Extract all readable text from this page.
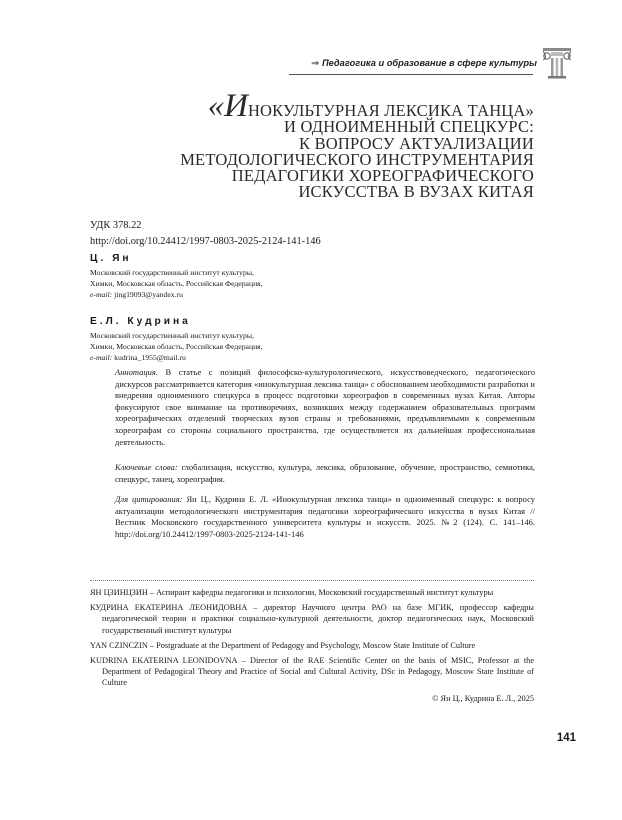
⇒ Педагогика и образование в сфере культуры
«ИНОКУЛЬТУРНАЯ ЛЕКСИКА ТАНЦА»
И ОДНОИМЕННЫЙ СПЕЦКУРС:
К ВОПРОСУ АКТУАЛИЗАЦИИ
МЕТОДОЛОГИЧЕСКОГО ИНСТРУМЕНТАРИЯ
ПЕДАГОГИКИ ХОРЕОГРАФИЧЕСКОГО
ИСКУССТВА В ВУЗАХ КИТАЯ
УДК 378.22
http://doi.org/10.24412/1997-0803-2025-2124-141-146
Ц. Ян
Московский государственный институт культуры,
Химки, Московская область, Российская Федерация,
e-mail: jing19093@yandex.ru
Е.Л. Кудрина
Московский государственный институт культуры,
Химки, Московская область, Российская Федерация,
e-mail: kudrina_1955@mail.ru
Аннотация. В статье с позиций философско-культурологического, искусствоведческого, педагогического дискурсов рассматривается категория «инокультурная лексика танца» с обоснованием необходимости разработки и внедрения одноименного спецкурса в процесс подготовки хореографов в современных вузах Китая. Авторы фокусируют свое внимание на противоречиях, возникших между содержанием образовательных программ хореографических отделений творческих вузов страны и требованиями, предъявляемыми к современным хореографам со стороны социального пространства, где осуществляется их дальнейшая профессиональная деятельность.
Ключевые слова: глобализация, искусство, культура, лексика, образование, обучение, пространство, семиотика, спецкурс, танец, хореография.
Для цитирования: Ян Ц., Кудрина Е. Л. «Инокультурная лексика танца» и одноименный спецкурс: к вопросу актуализации методологического инструментария педагогики хореографического искусства в вузах Китая // Вестник Московского государственного университета культуры и искусств. 2025. №2 (124). С. 141–146. http://doi.org/10.24412/1997-0803-2025-2124-141-146

ЯН ЦЗИНЦЗИН – Аспирант кафедры педагогики и психологии, Московский государственный институт культуры

КУДРИНА ЕКАТЕРИНА ЛЕОНИДОВНА – директор Научного центра РАО на базе МГИК, профессор кафедры педагогической теории и практики социально-культурной деятельности, доктор педагогических наук, Московский государственный институт культуры

YAN CZINCZIN – Postgraduate at the Department of Pedagogy and Psychology, Moscow State Institute of Culture

KUDRINA EKATERINA LEONIDOVNA – Director of the RAE Scientific Center on the basis of MSIC, Professor at the Department of Pedagogical Theory and Practice of Social and Cultural Activity, DSc in Pedagogy, Moscow State Institute of Culture

© Ян Ц., Кудрина Е. Л., 2025
141
